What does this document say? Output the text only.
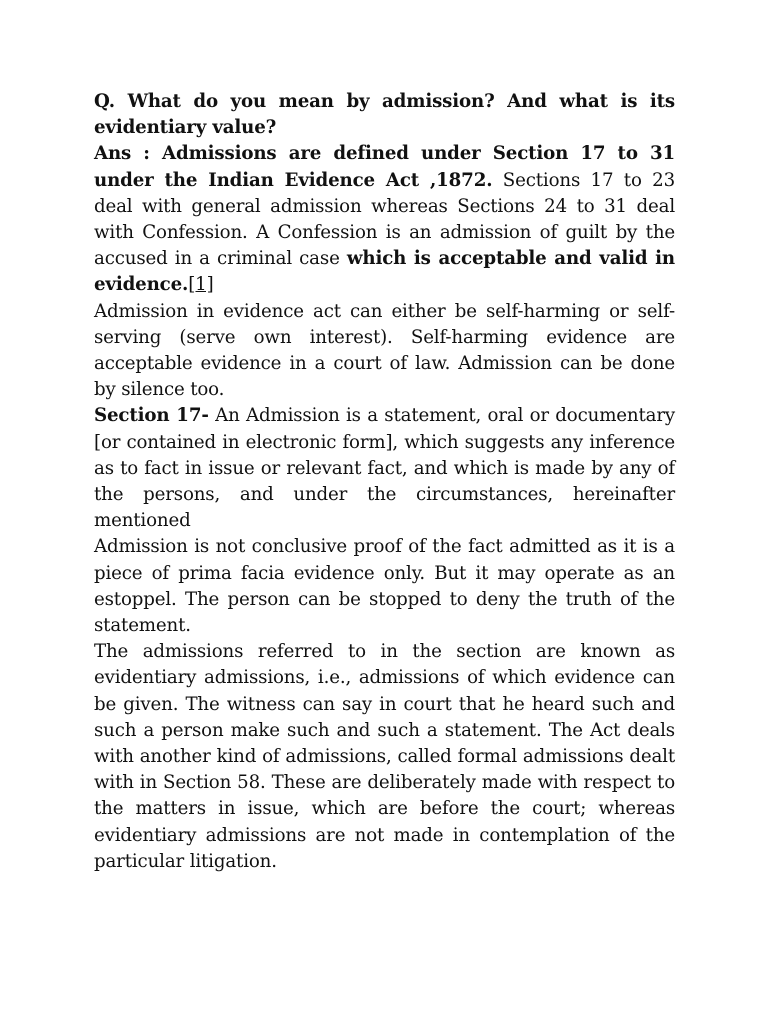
Q. What do you mean by admission? And what is its evidentiary value?

Ans : Admissions are defined under Section 17 to 31 under the Indian Evidence Act ,1872. Sections 17 to 23 deal with general admission whereas Sections 24 to 31 deal with Confession. A Confession is an admission of guilt by the accused in a criminal case which is acceptable and valid in evidence.[1]

Admission in evidence act can either be self-harming or self-serving (serve own interest). Self-harming evidence are acceptable evidence in a court of law. Admission can be done by silence too.

Section 17- An Admission is a statement, oral or documentary [or contained in electronic form], which suggests any inference as to fact in issue or relevant fact, and which is made by any of the persons, and under the circumstances, hereinafter mentioned

Admission is not conclusive proof of the fact admitted as it is a piece of prima facia evidence only. But it may operate as an estoppel. The person can be stopped to deny the truth of the statement.

The admissions referred to in the section are known as evidentiary admissions, i.e., admissions of which evidence can be given. The witness can say in court that he heard such and such a person make such and such a statement. The Act deals with another kind of admissions, called formal admissions dealt with in Section 58. These are deliberately made with respect to the matters in issue, which are before the court; whereas evidentiary admissions are not made in contemplation of the particular litigation.
